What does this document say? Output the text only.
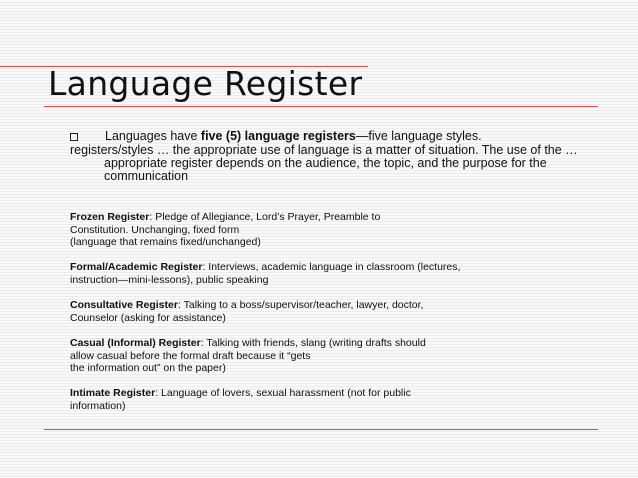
Language Register
Languages have five (5) language registers—five language styles.
registers/styles … the appropriate use of language is a matter of situation. The use of the …
appropriate register depends on the audience, the topic, and the purpose for the
communication
Frozen Register: Pledge of Allegiance, Lord’s Prayer, Preamble to
Constitution. Unchanging, fixed form
(language that remains fixed/unchanged)
Formal/Academic Register: Interviews, academic language in classroom (lectures,
instruction—mini-lessons), public speaking
Consultative Register: Talking to a boss/supervisor/teacher, lawyer, doctor,
Counselor (asking for assistance)
Casual (Informal) Register: Talking with friends, slang (writing drafts should
allow casual before the formal draft because it “gets
the information out” on the paper)
Intimate Register: Language of lovers, sexual harassment (not for public
information)
